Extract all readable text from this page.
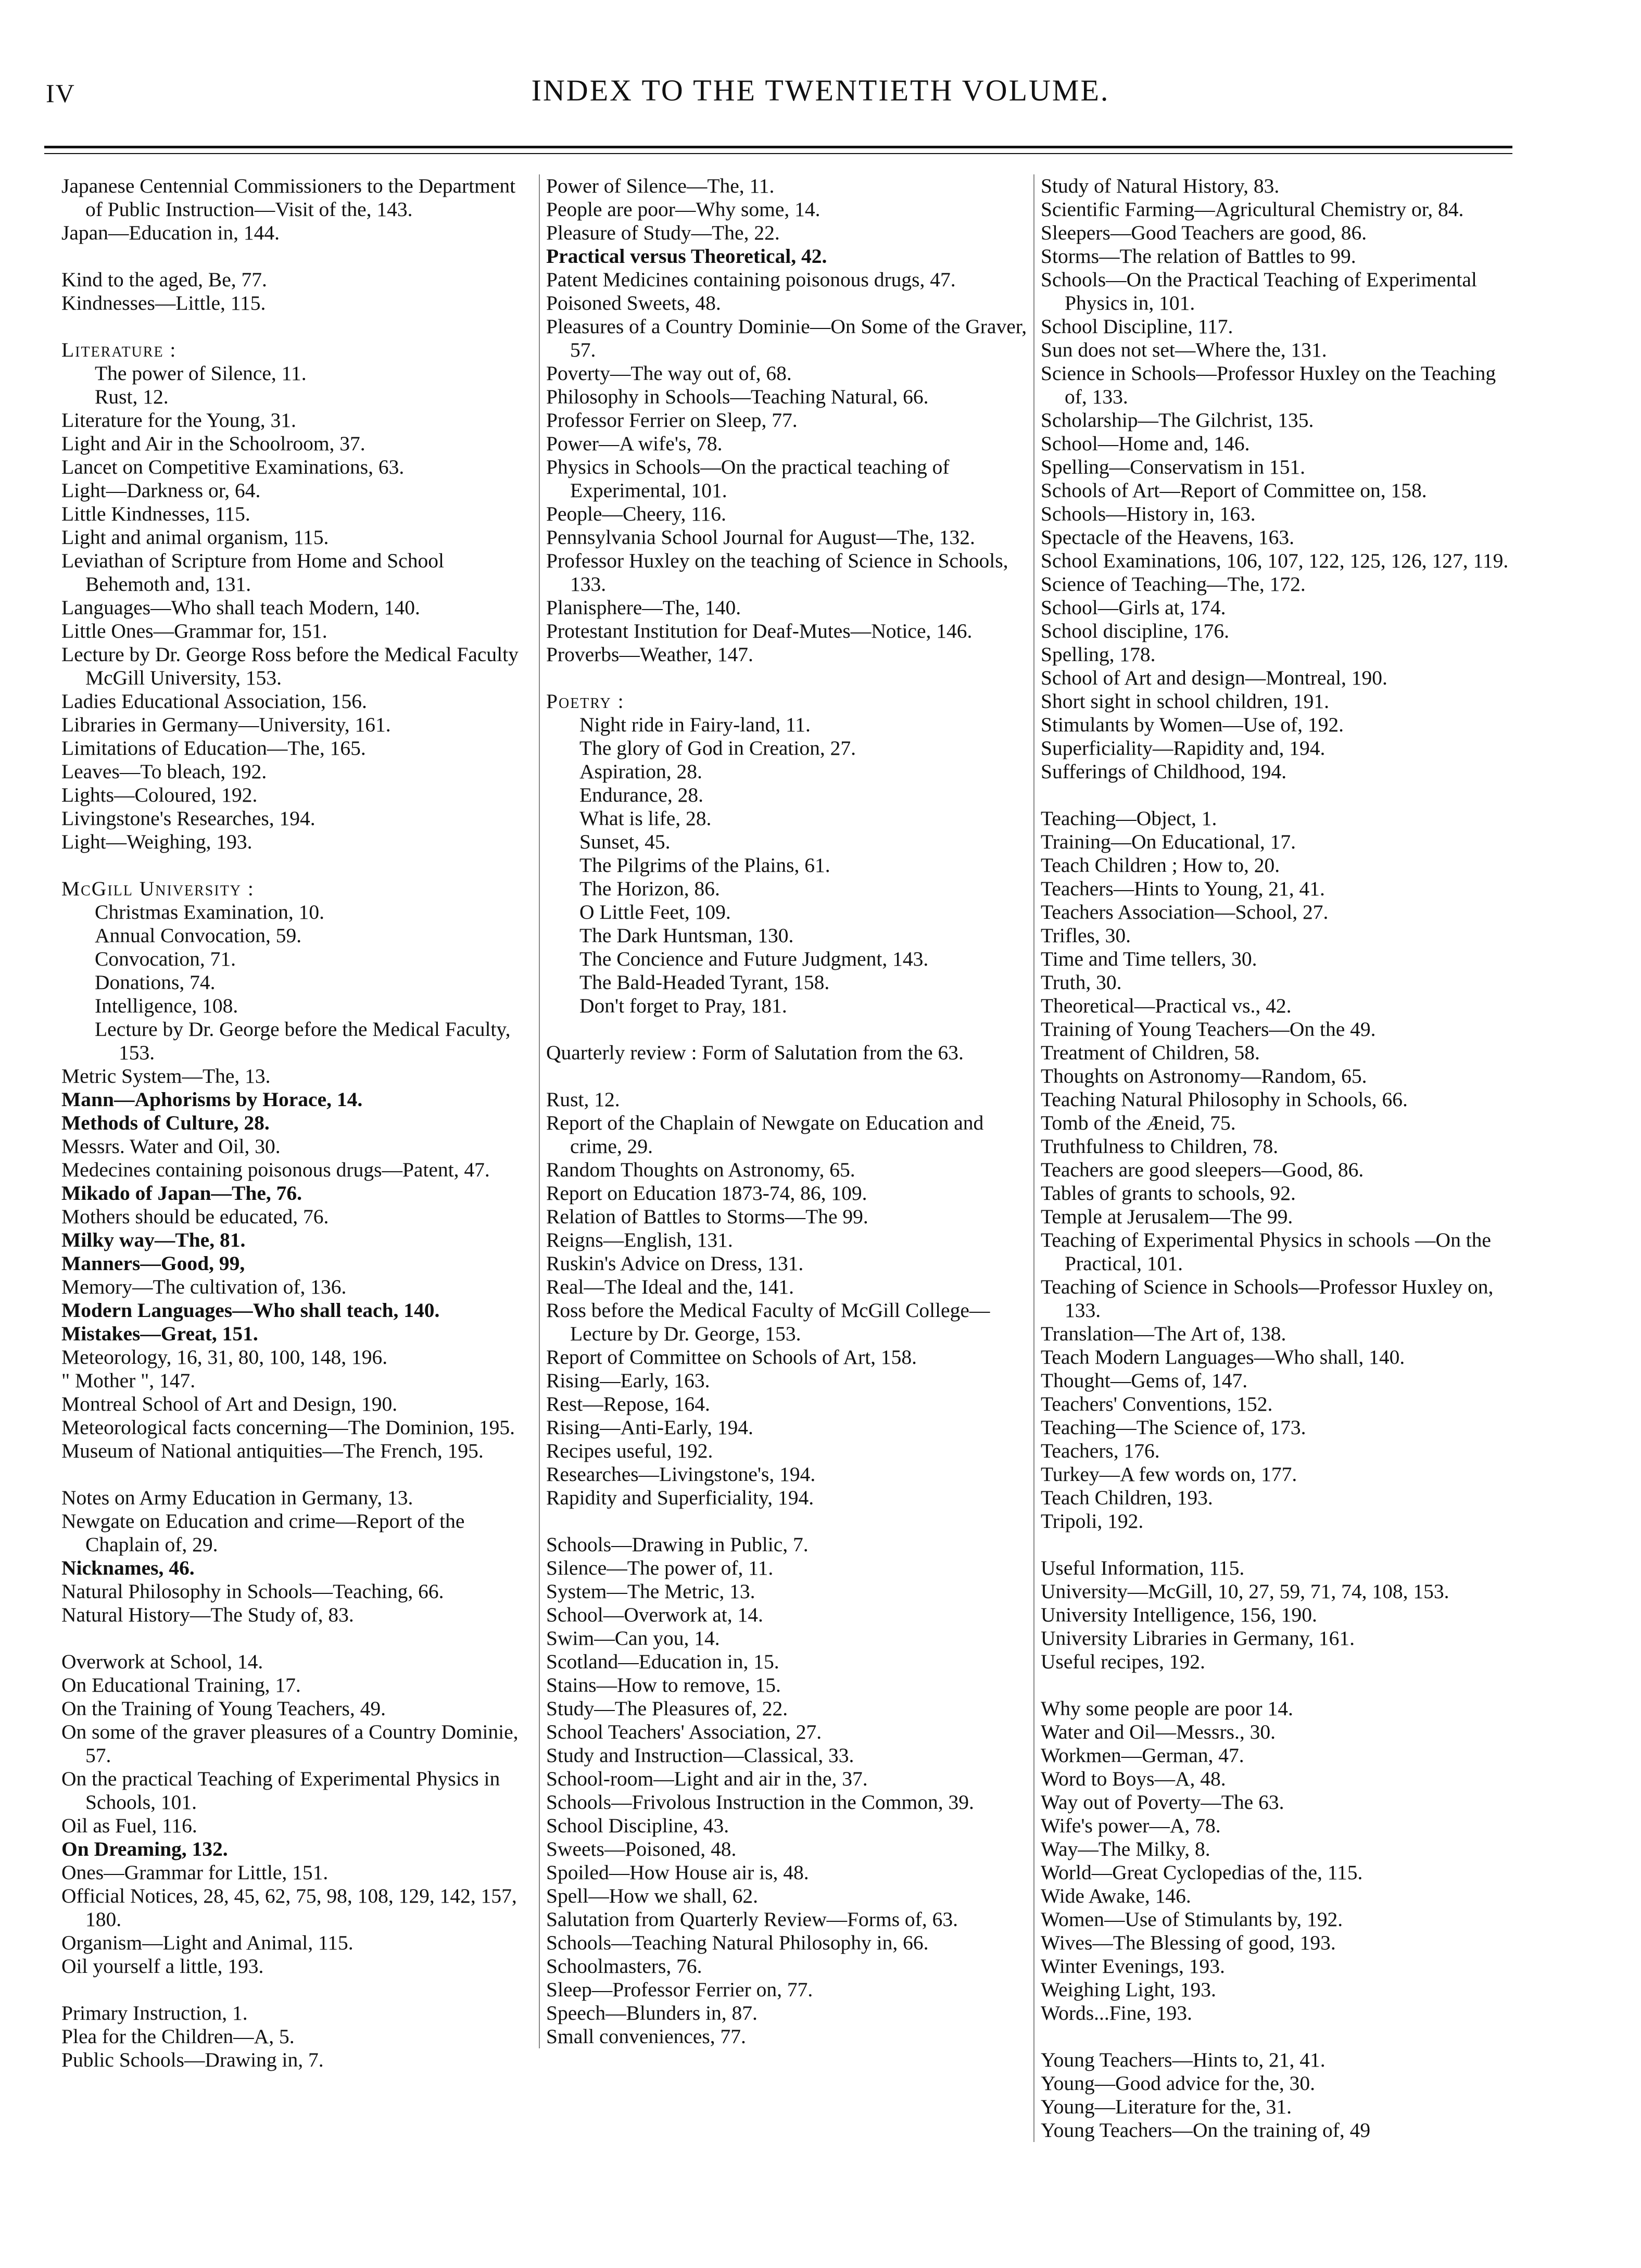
IV	INDEX TO THE TWENTIETH VOLUME.
Japanese Centennial Commissioners to the Department of Public Instruction—Visit of the, 143.
Japan—Education in, 144.
Kind to the aged, Be, 77.
Kindnesses—Little, 115.
Literature :
The power of Silence, 11.
Rust, 12.
Literature for the Young, 31.
Light and Air in the Schoolroom, 37.
Lancet on Competitive Examinations, 63.
Light—Darkness or, 64.
Little Kindnesses, 115.
Light and animal organism, 115.
Leviathan of Scripture from Home and School Behemoth and, 131.
Languages—Who shall teach Modern, 140.
Little Ones—Grammar for, 151.
Lecture by Dr. George Ross before the Medical Faculty McGill University, 153.
Ladies Educational Association, 156.
Libraries in Germany—University, 161.
Limitations of Education—The, 165.
Leaves—To bleach, 192.
Lights—Coloured, 192.
Livingstone's Researches, 194.
Light—Weighing, 193.
McGill University :
Christmas Examination, 10.
Annual Convocation, 59.
Convocation, 71.
Donations, 74.
Intelligence, 108.
Lecture by Dr. George before the Medical Faculty, 153.
Metric System—The, 13.
Mann—Aphorisms by Horace, 14.
Methods of Culture, 28.
Messrs. Water and Oil, 30.
Medecines containing poisonous drugs—Patent, 47.
Mikado of Japan—The, 76.
Mothers should be educated, 76.
Milky way—The, 81.
Manners—Good, 99,
Memory—The cultivation of, 136.
Modern Languages—Who shall teach, 140.
Mistakes—Great, 151.
Meteorology, 16, 31, 80, 100, 148, 196.
" Mother ", 147.
Montreal School of Art and Design, 190.
Meteorological facts concerning—The Dominion, 195.
Museum of National antiquities—The French, 195.
Notes on Army Education in Germany, 13.
Newgate on Education and crime—Report of the Chaplain of, 29.
Nicknames, 46.
Natural Philosophy in Schools—Teaching, 66.
Natural History—The Study of, 83.
Overwork at School, 14.
On Educational Training, 17.
On the Training of Young Teachers, 49.
On some of the graver pleasures of a Country Dominie, 57.
On the practical Teaching of Experimental Physics in Schools, 101.
Oil as Fuel, 116.
On Dreaming, 132.
Ones—Grammar for Little, 151.
Official Notices, 28, 45, 62, 75, 98, 108, 129, 142, 157, 180.
Organism—Light and Animal, 115.
Oil yourself a little, 193.
Primary Instruction, 1.
Plea for the Children—A, 5.
Public Schools—Drawing in, 7.
Power of Silence—The, 11.
People are poor—Why some, 14.
Pleasure of Study—The, 22.
Practical versus Theoretical, 42.
Patent Medicines containing poisonous drugs, 47.
Poisoned Sweets, 48.
Pleasures of a Country Dominie—On Some of the Graver, 57.
Poverty—The way out of, 68.
Philosophy in Schools—Teaching Natural, 66.
Professor Ferrier on Sleep, 77.
Power—A wife's, 78.
Physics in Schools—On the practical teaching of Experimental, 101.
People—Cheery, 116.
Pennsylvania School Journal for August—The, 132.
Professor Huxley on the teaching of Science in Schools, 133.
Planisphere—The, 140.
Protestant Institution for Deaf-Mutes—Notice, 146.
Proverbs—Weather, 147.
Poetry :
Night ride in Fairy-land, 11.
The glory of God in Creation, 27.
Aspiration, 28.
Endurance, 28.
What is life, 28.
Sunset, 45.
The Pilgrims of the Plains, 61.
The Horizon, 86.
O Little Feet, 109.
The Dark Huntsman, 130.
The Concience and Future Judgment, 143.
The Bald-Headed Tyrant, 158.
Don't forget to Pray, 181.
Quarterly review : Form of Salutation from the 63.
Rust, 12.
Report of the Chaplain of Newgate on Education and crime, 29.
Random Thoughts on Astronomy, 65.
Report on Education 1873-74, 86, 109.
Relation of Battles to Storms—The 99.
Reigns—English, 131.
Ruskin's Advice on Dress, 131.
Real—The Ideal and the, 141.
Ross before the Medical Faculty of McGill College—Lecture by Dr. George, 153.
Report of Committee on Schools of Art, 158.
Rising—Early, 163.
Rest—Repose, 164.
Rising—Anti-Early, 194.
Recipes useful, 192.
Researches—Livingstone's, 194.
Rapidity and Superficiality, 194.
Schools—Drawing in Public, 7.
Silence—The power of, 11.
System—The Metric, 13.
School—Overwork at, 14.
Swim—Can you, 14.
Scotland—Education in, 15.
Stains—How to remove, 15.
Study—The Pleasures of, 22.
School Teachers' Association, 27.
Study and Instruction—Classical, 33.
School-room—Light and air in the, 37.
Schools—Frivolous Instruction in the Common, 39.
School Discipline, 43.
Sweets—Poisoned, 48.
Spoiled—How House air is, 48.
Spell—How we shall, 62.
Salutation from Quarterly Review—Forms of, 63.
Schools—Teaching Natural Philosophy in, 66.
Schoolmasters, 76.
Sleep—Professor Ferrier on, 77.
Speech—Blunders in, 87.
Small conveniences, 77.
Study of Natural History, 83.
Scientific Farming—Agricultural Chemistry or, 84.
Sleepers—Good Teachers are good, 86.
Storms—The relation of Battles to 99.
Schools—On the Practical Teaching of Experimental Physics in, 101.
School Discipline, 117.
Sun does not set—Where the, 131.
Science in Schools—Professor Huxley on the Teaching of, 133.
Scholarship—The Gilchrist, 135.
School—Home and, 146.
Spelling—Conservatism in 151.
Schools of Art—Report of Committee on, 158.
Schools—History in, 163.
Spectacle of the Heavens, 163.
School Examinations, 106, 107, 122, 125, 126, 127, 119.
Science of Teaching—The, 172.
School—Girls at, 174.
School discipline, 176.
Spelling, 178.
School of Art and design—Montreal, 190.
Short sight in school children, 191.
Stimulants by Women—Use of, 192.
Superficiality—Rapidity and, 194.
Sufferings of Childhood, 194.
Teaching—Object, 1.
Training—On Educational, 17.
Teach Children ; How to, 20.
Teachers—Hints to Young, 21, 41.
Teachers Association—School, 27.
Trifles, 30.
Time and Time tellers, 30.
Truth, 30.
Theoretical—Practical vs., 42.
Training of Young Teachers—On the 49.
Treatment of Children, 58.
Thoughts on Astronomy—Random, 65.
Teaching Natural Philosophy in Schools, 66.
Tomb of the Æneid, 75.
Truthfulness to Children, 78.
Teachers are good sleepers—Good, 86.
Tables of grants to schools, 92.
Temple at Jerusalem—The 99.
Teaching of Experimental Physics in schools —On the Practical, 101.
Teaching of Science in Schools—Professor Huxley on, 133.
Translation—The Art of, 138.
Teach Modern Languages—Who shall, 140.
Thought—Gems of, 147.
Teachers' Conventions, 152.
Teaching—The Science of, 173.
Teachers, 176.
Turkey—A few words on, 177.
Teach Children, 193.
Tripoli, 192.
Useful Information, 115.
University—McGill, 10, 27, 59, 71, 74, 108, 153.
University Intelligence, 156, 190.
University Libraries in Germany, 161.
Useful recipes, 192.
Why some people are poor 14.
Water and Oil—Messrs., 30.
Workmen—German, 47.
Word to Boys—A, 48.
Way out of Poverty—The 63.
Wife's power—A, 78.
Way—The Milky, 8.
World—Great Cyclopedias of the, 115.
Wide Awake, 146.
Women—Use of Stimulants by, 192.
Wives—The Blessing of good, 193.
Winter Evenings, 193.
Weighing Light, 193.
Words...Fine, 193.
Young Teachers—Hints to, 21, 41.
Young—Good advice for the, 30.
Young—Literature for the, 31.
Young Teachers—On the training of, 49
